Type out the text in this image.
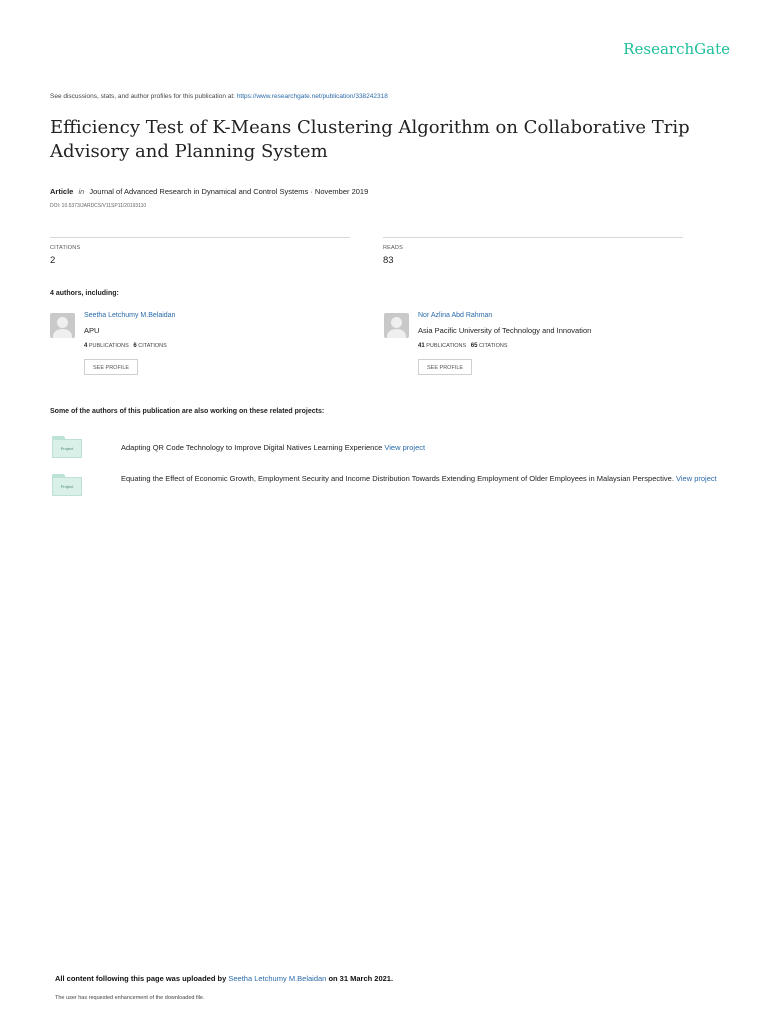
ResearchGate
See discussions, stats, and author profiles for this publication at: https://www.researchgate.net/publication/338242318
Efficiency Test of K-Means Clustering Algorithm on Collaborative Trip Advisory and Planning System
Article in Journal of Advanced Research in Dynamical and Control Systems · November 2019
DOI: 10.5373/JARDCS/V11SP11/20193110
CITATIONS
2
READS
83
4 authors, including:
Seetha Letchumy M.Belaidan
APU
4 PUBLICATIONS 6 CITATIONS
SEE PROFILE
Nor Azlina Abd Rahman
Asia Pacific University of Technology and Innovation
41 PUBLICATIONS 65 CITATIONS
SEE PROFILE
Some of the authors of this publication are also working on these related projects:
Project	Adapting QR Code Technology to Improve Digital Natives Learning Experience View project
Project
Equating the Effect of Economic Growth, Employment Security and Income Distribution Towards Extending Employment of Older Employees in Malaysian Perspective. View project
All content following this page was uploaded by Seetha Letchumy M.Belaidan on 31 March 2021.
The user has requested enhancement of the downloaded file.
